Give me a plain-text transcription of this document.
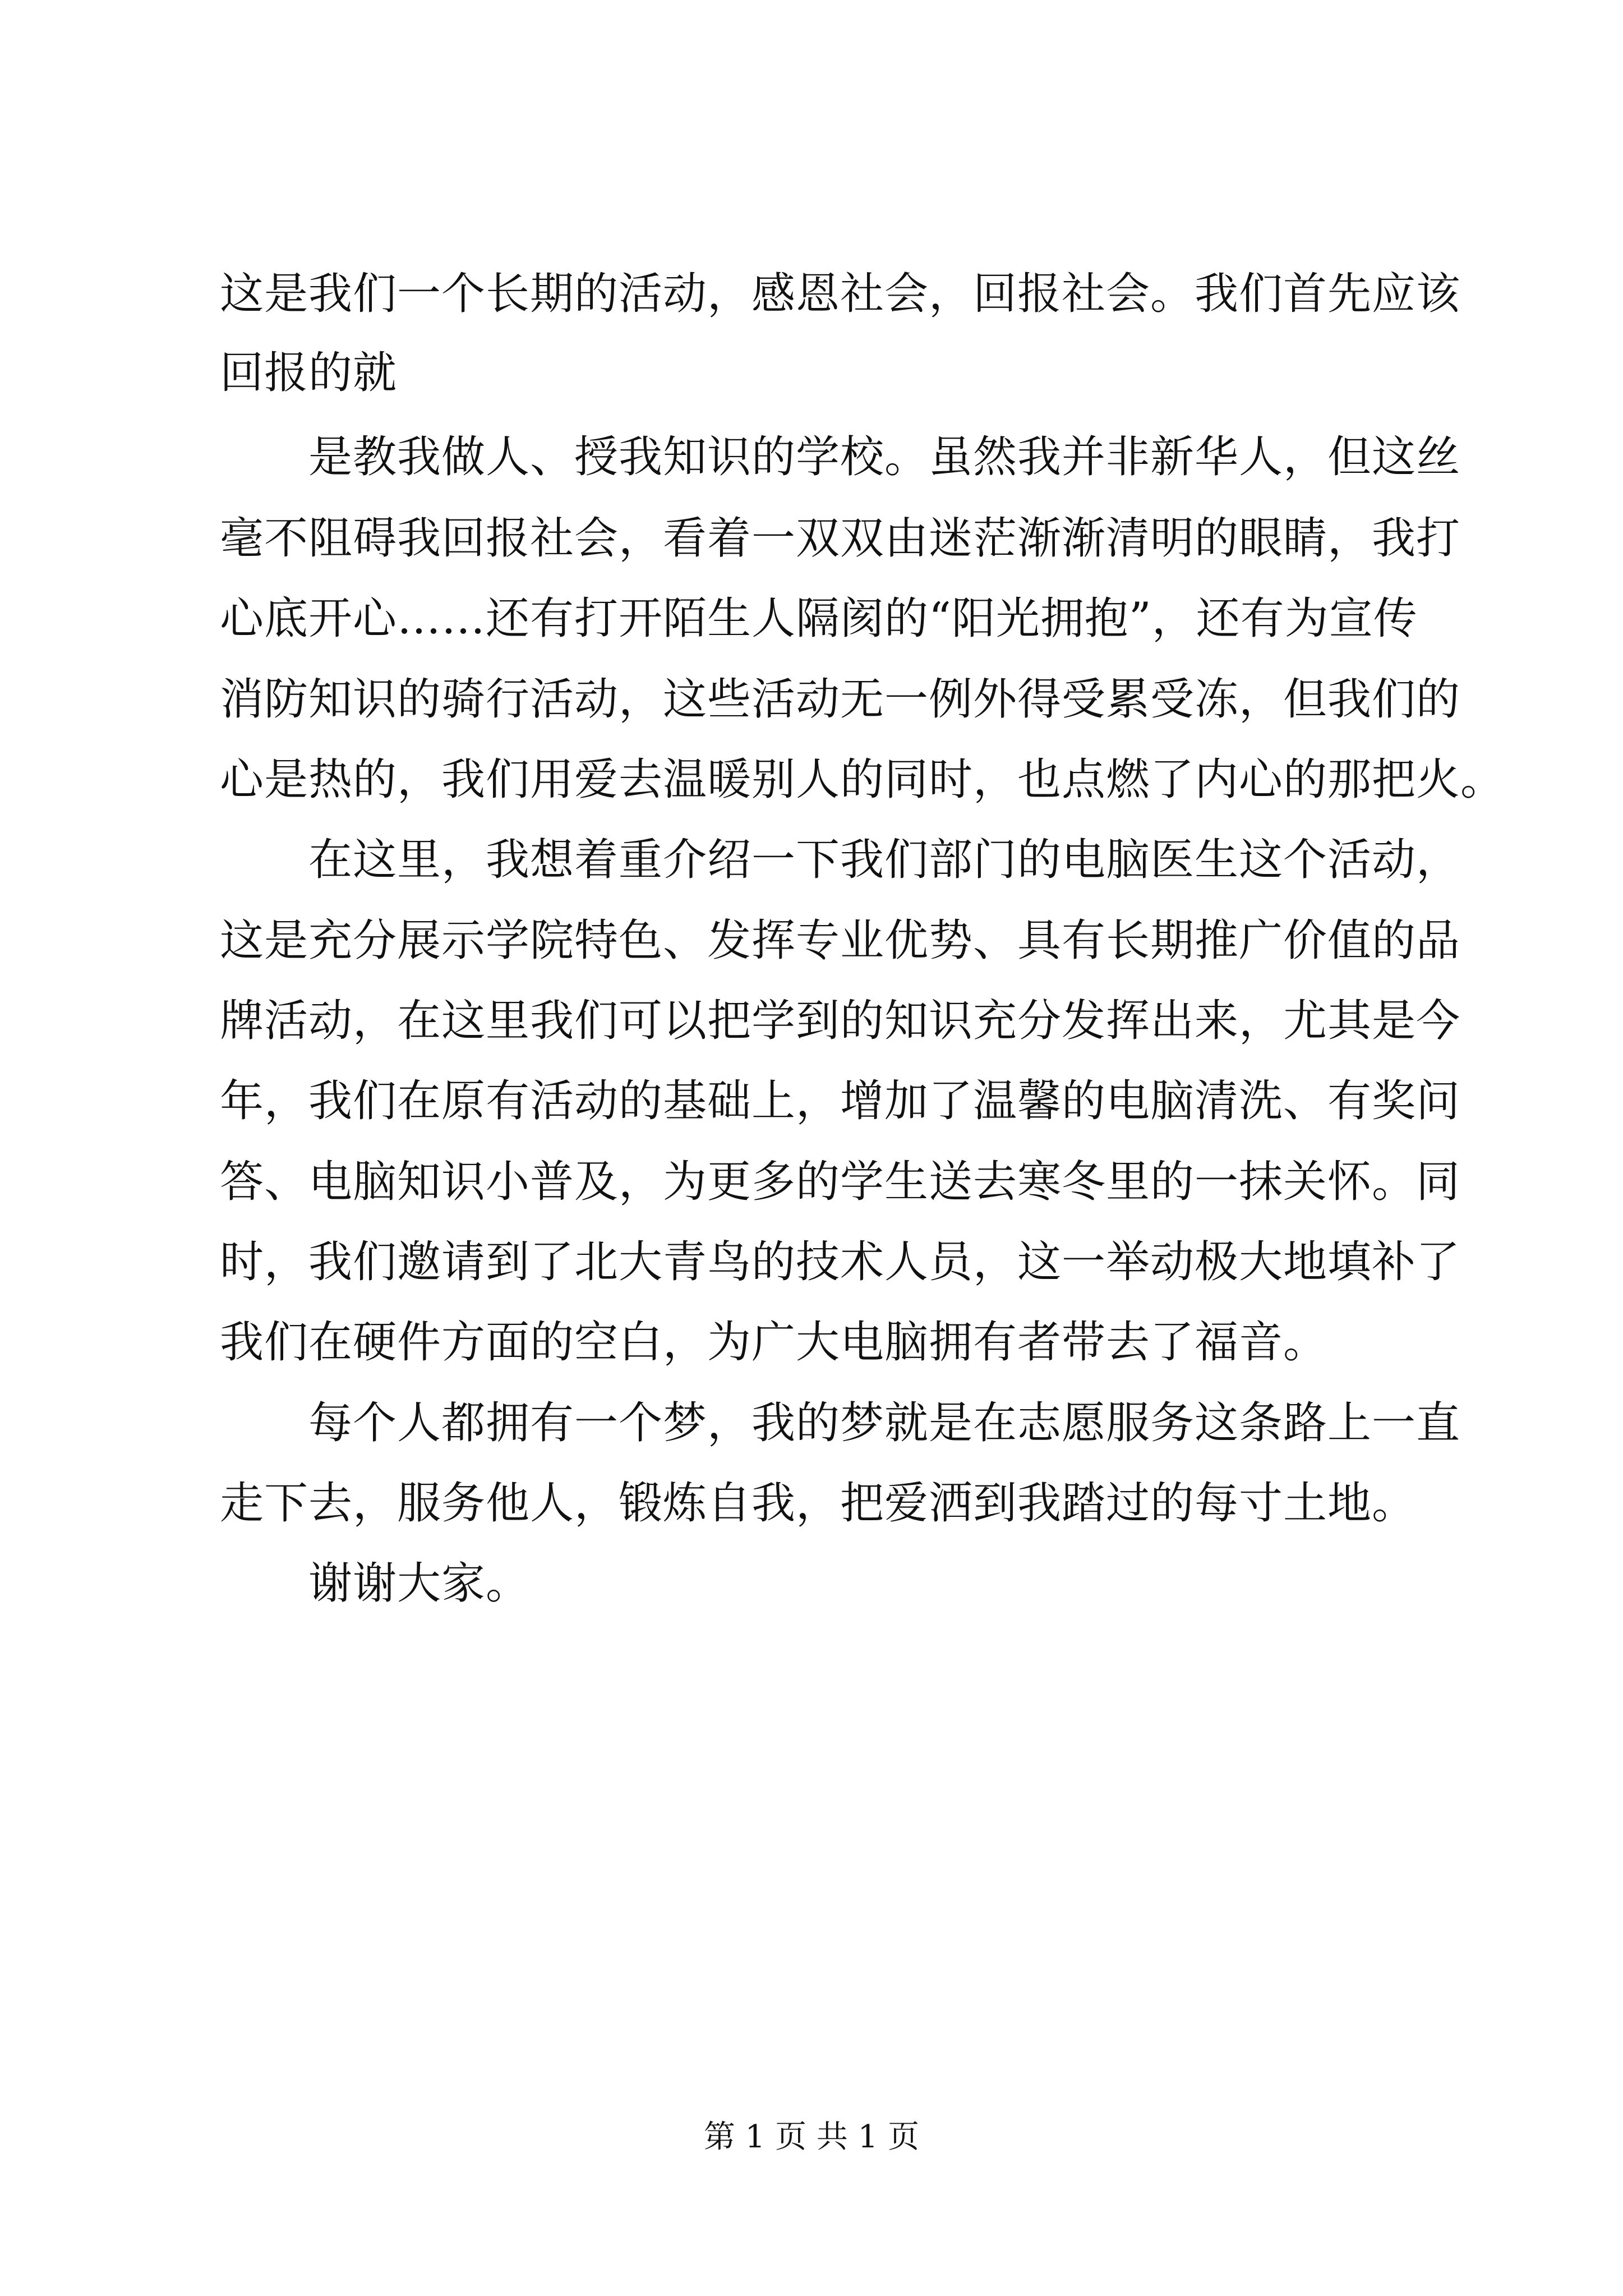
这是我们一个长期的活动，感恩社会，回报社会。我们首先应该
回报的就
是教我做人、授我知识的学校。虽然我并非新华人，但这丝
毫不阻碍我回报社会，看着一双双由迷茫渐渐清明的眼睛，我打
心底开心……还有打开陌生人隔阂的“阳光拥抱”，还有为宣传
消防知识的骑行活动，这些活动无一例外得受累受冻，但我们的
心是热的，我们用爱去温暖别人的同时，也点燃了内心的那把火。
在这里，我想着重介绍一下我们部门的电脑医生这个活动，
这是充分展示学院特色、发挥专业优势、具有长期推广价值的品
牌活动，在这里我们可以把学到的知识充分发挥出来，尤其是今
年，我们在原有活动的基础上，增加了温馨的电脑清洗、有奖问
答、电脑知识小普及，为更多的学生送去寒冬里的一抹关怀。同
时，我们邀请到了北大青鸟的技术人员，这一举动极大地填补了
我们在硬件方面的空白，为广大电脑拥有者带去了福音。
每个人都拥有一个梦，我的梦就是在志愿服务这条路上一直
走下去，服务他人，锻炼自我，把爱洒到我踏过的每寸土地。
谢谢大家。
第 1 页 共 1 页
